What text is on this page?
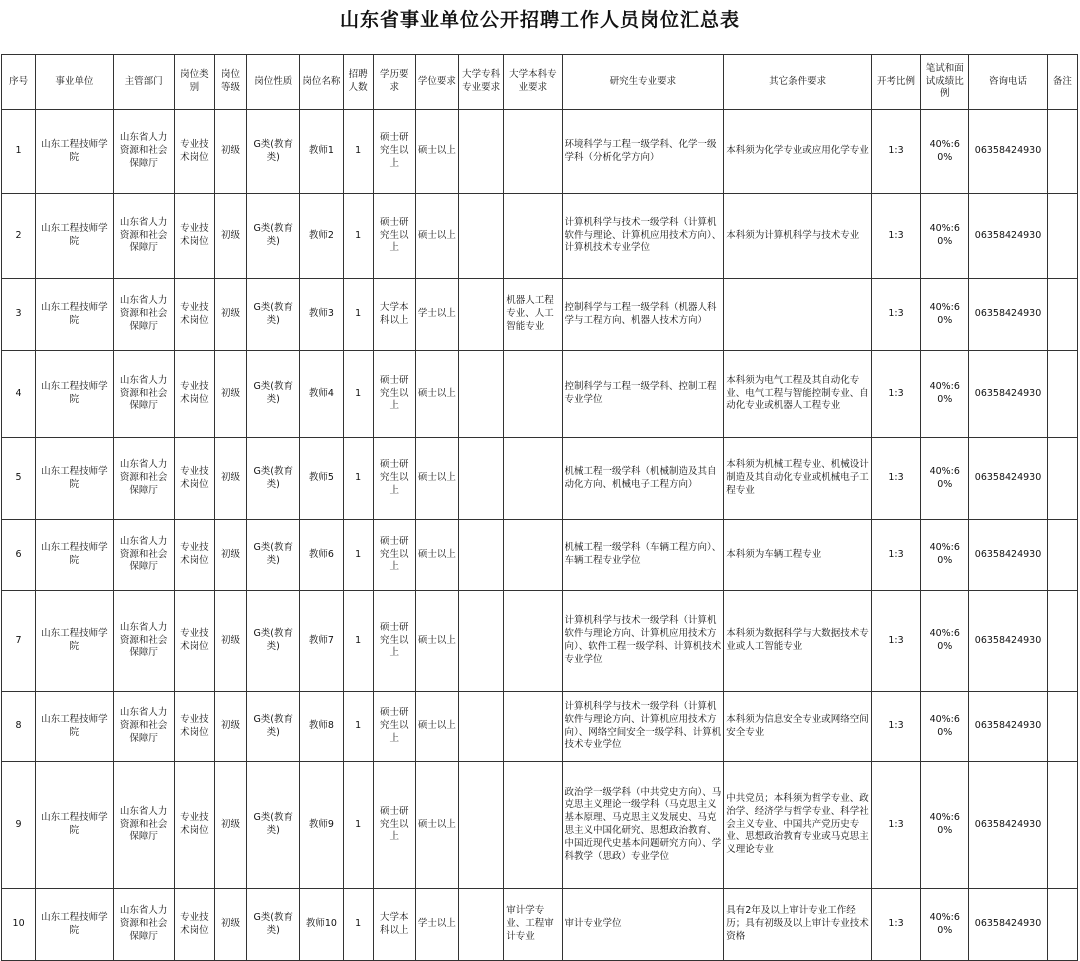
山东省事业单位公开招聘工作人员岗位汇总表
序号	事业单位	主管部门	岗位类别	岗位等级	岗位性质	岗位名称	招聘人数	学历要求	学位要求	大学专科专业要求	大学本科专业要求	研究生专业要求	其它条件要求	开考比例	笔试和面试成绩比例	咨询电话	备注
1	山东工程技师学院	山东省人力资源和社会保障厅	专业技术岗位	初级	G类(教育类)	教师1	1	硕士研究生以上	硕士以上			环境科学与工程一级学科、化学一级学科（分析化学方向）	本科须为化学专业或应用化学专业	1:3	40%:60%	06358424930	
2	山东工程技师学院	山东省人力资源和社会保障厅	专业技术岗位	初级	G类(教育类)	教师2	1	硕士研究生以上	硕士以上			计算机科学与技术一级学科（计算机软件与理论、计算机应用技术方向）、计算机技术专业学位	本科须为计算机科学与技术专业	1:3	40%:60%	06358424930	
3	山东工程技师学院	山东省人力资源和社会保障厅	专业技术岗位	初级	G类(教育类)	教师3	1	大学本科以上	学士以上		机器人工程专业、人工智能专业	控制科学与工程一级学科（机器人科学与工程方向、机器人技术方向）		1:3	40%:60%	06358424930	
4	山东工程技师学院	山东省人力资源和社会保障厅	专业技术岗位	初级	G类(教育类)	教师4	1	硕士研究生以上	硕士以上			控制科学与工程一级学科、控制工程专业学位	本科须为电气工程及其自动化专业、电气工程与智能控制专业、自动化专业或机器人工程专业	1:3	40%:60%	06358424930	
5	山东工程技师学院	山东省人力资源和社会保障厅	专业技术岗位	初级	G类(教育类)	教师5	1	硕士研究生以上	硕士以上			机械工程一级学科（机械制造及其自动化方向、机械电子工程方向）	本科须为机械工程专业、机械设计制造及其自动化专业或机械电子工程专业	1:3	40%:60%	06358424930	
6	山东工程技师学院	山东省人力资源和社会保障厅	专业技术岗位	初级	G类(教育类)	教师6	1	硕士研究生以上	硕士以上			机械工程一级学科（车辆工程方向）、车辆工程专业学位	本科须为车辆工程专业	1:3	40%:60%	06358424930	
7	山东工程技师学院	山东省人力资源和社会保障厅	专业技术岗位	初级	G类(教育类)	教师7	1	硕士研究生以上	硕士以上			计算机科学与技术一级学科（计算机软件与理论方向、计算机应用技术方向）、软件工程一级学科、计算机技术专业学位	本科须为数据科学与大数据技术专业或人工智能专业	1:3	40%:60%	06358424930	
8	山东工程技师学院	山东省人力资源和社会保障厅	专业技术岗位	初级	G类(教育类)	教师8	1	硕士研究生以上	硕士以上			计算机科学与技术一级学科（计算机软件与理论方向、计算机应用技术方向）、网络空间安全一级学科、计算机技术专业学位	本科须为信息安全专业或网络空间安全专业	1:3	40%:60%	06358424930	
9	山东工程技师学院	山东省人力资源和社会保障厅	专业技术岗位	初级	G类(教育类)	教师9	1	硕士研究生以上	硕士以上			政治学一级学科（中共党史方向）、马克思主义理论一级学科（马克思主义基本原理、马克思主义发展史、马克思主义中国化研究、思想政治教育、中国近现代史基本问题研究方向）、学科教学（思政）专业学位	中共党员；本科须为哲学专业、政治学、经济学与哲学专业、科学社会主义专业、中国共产党历史专业、思想政治教育专业或马克思主义理论专业	1:3	40%:60%	06358424930	
10	山东工程技师学院	山东省人力资源和社会保障厅	专业技术岗位	初级	G类(教育类)	教师10	1	大学本科以上	学士以上		审计学专业、工程审计专业	审计专业学位	具有2年及以上审计专业工作经历；具有初级及以上审计专业技术资格	1:3	40%:60%	06358424930	
